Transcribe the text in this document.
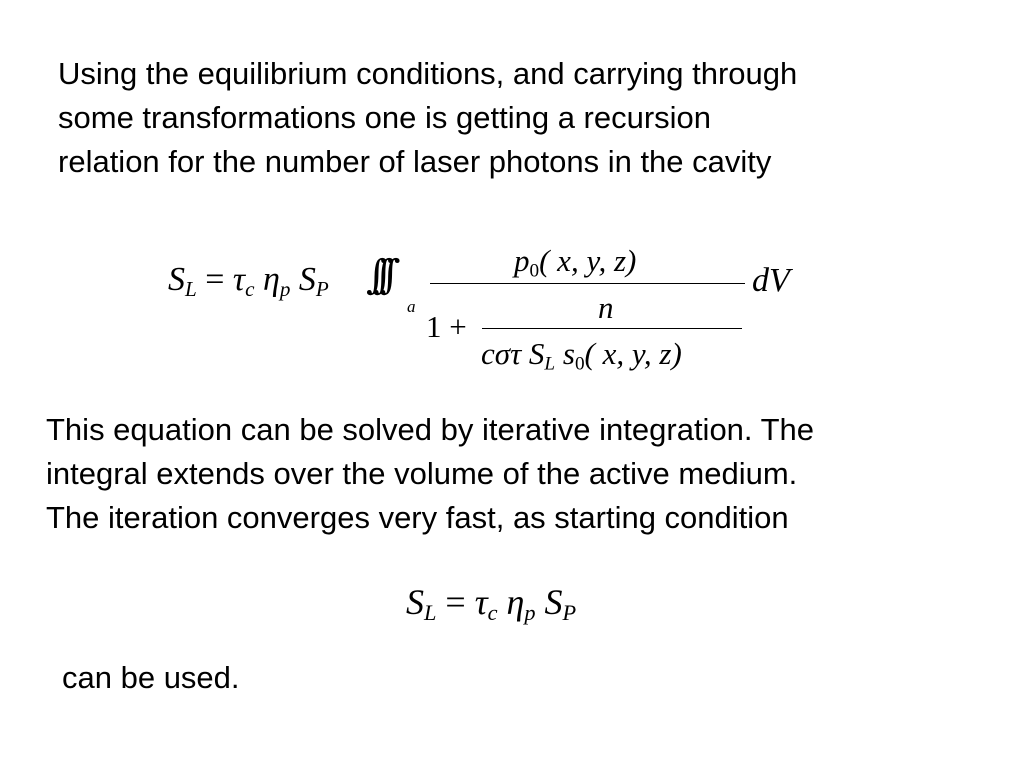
Using the equilibrium conditions, and carrying through
some transformations one is getting a recursion
relation for the number of laser photons in the cavity
$S_L = \tau_c$ $\eta_p$ $S_P$ ∫∫∫
a
$p_0$( x, y, z)
dV
1 +
n
cστ $S_L$ $s_0$( x, y, z)
This equation can be solved by iterative integration. The
integral extends over the volume of the active medium.
The iteration converges very fast, as starting condition
$S_L = \tau_c$ $\eta_p$ $S_P$
can be used.
